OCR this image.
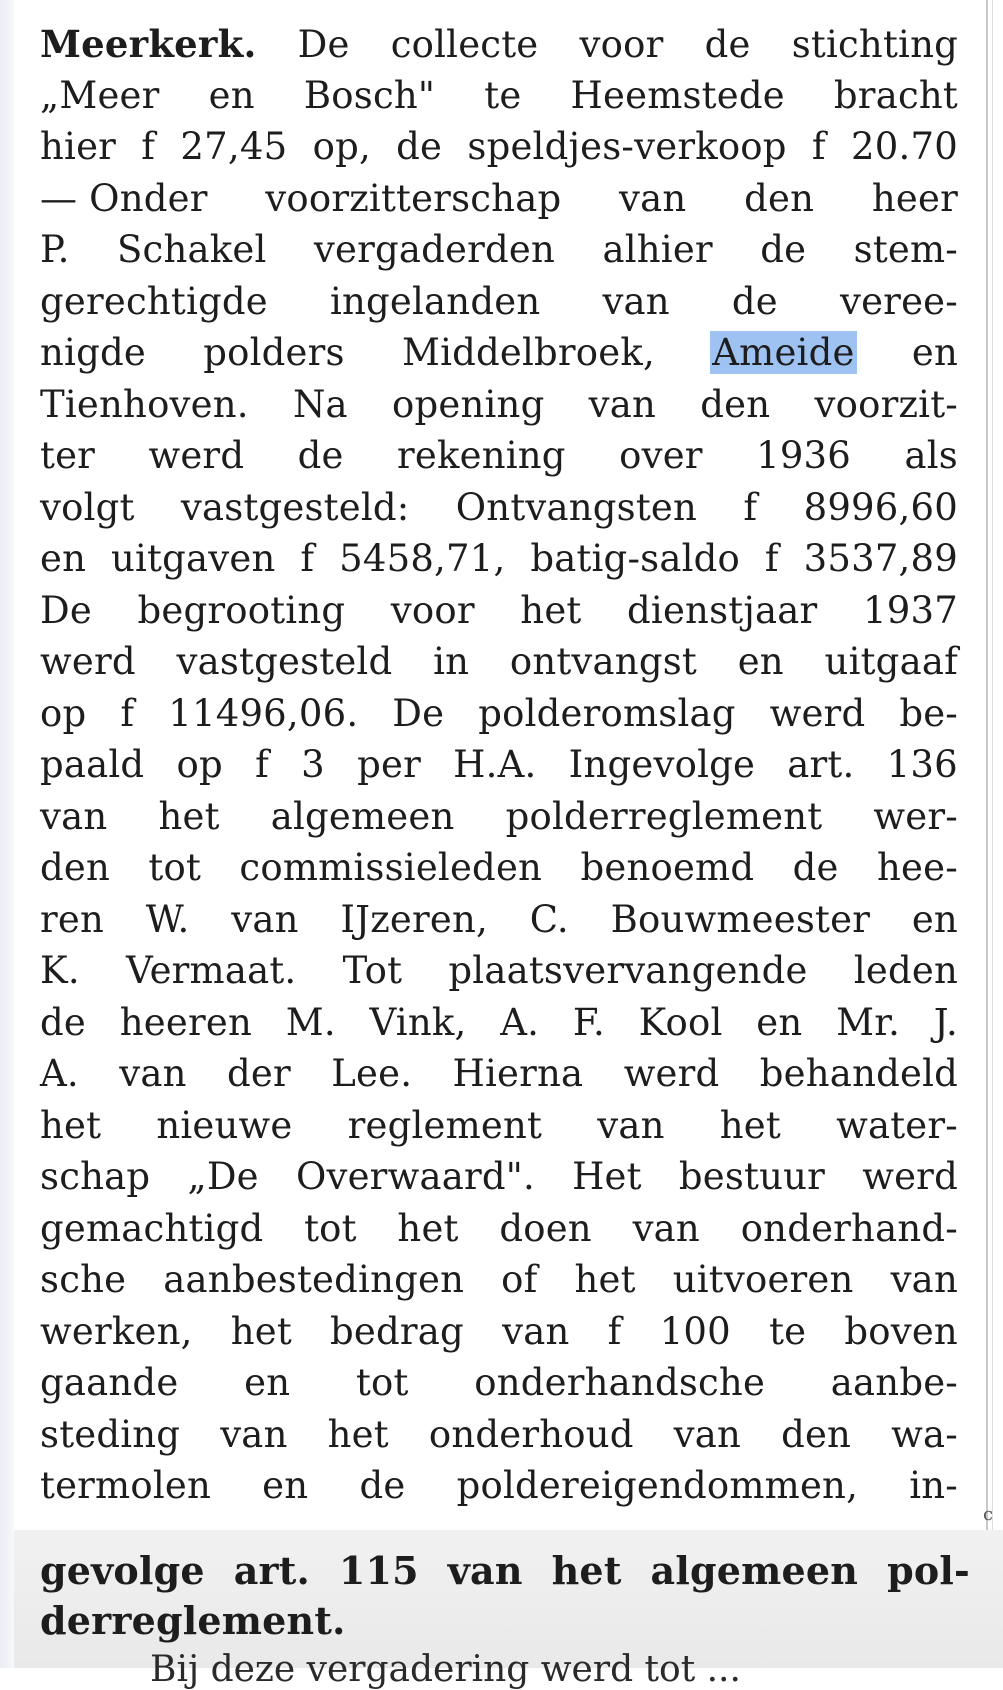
Meerkerk. De collecte voor de stichting
„Meer en Bosch" te Heemstede bracht
hier f 27,45 op, de speldjes-verkoop f 20.70
— Onder voorzitterschap van den heer
P. Schakel vergaderden alhier de stem-
gerechtigde ingelanden van de veree-
nigde polders Middelbroek, Ameide en
Tienhoven. Na opening van den voorzit-
ter werd de rekening over 1936 als
volgt vastgesteld: Ontvangsten f 8996,60
en uitgaven f 5458,71, batig-saldo f 3537,89
De begrooting voor het dienstjaar 1937
werd vastgesteld in ontvangst en uitgaaf
op f 11496,06. De polderomslag werd be-
paald op f 3 per H.A. Ingevolge art. 136
van het algemeen polderreglement wer-
den tot commissieleden benoemd de hee-
ren W. van IJzeren, C. Bouwmeester en
K. Vermaat. Tot plaatsvervangende leden
de heeren M. Vink, A. F. Kool en Mr. J.
A. van der Lee. Hierna werd behandeld
het nieuwe reglement van het water-
schap „De Overwaard". Het bestuur werd
gemachtigd tot het doen van onderhand-
sche aanbestedingen of het uitvoeren van
werken, het bedrag van f 100 te boven
gaande en tot onderhandsche aanbe-
steding van het onderhoud van den wa-
termolen en de poldereigendommen, in-
gevolge art. 115 van het algemeen pol-
derreglement.
Bij deze vergadering werd tot ...
c
